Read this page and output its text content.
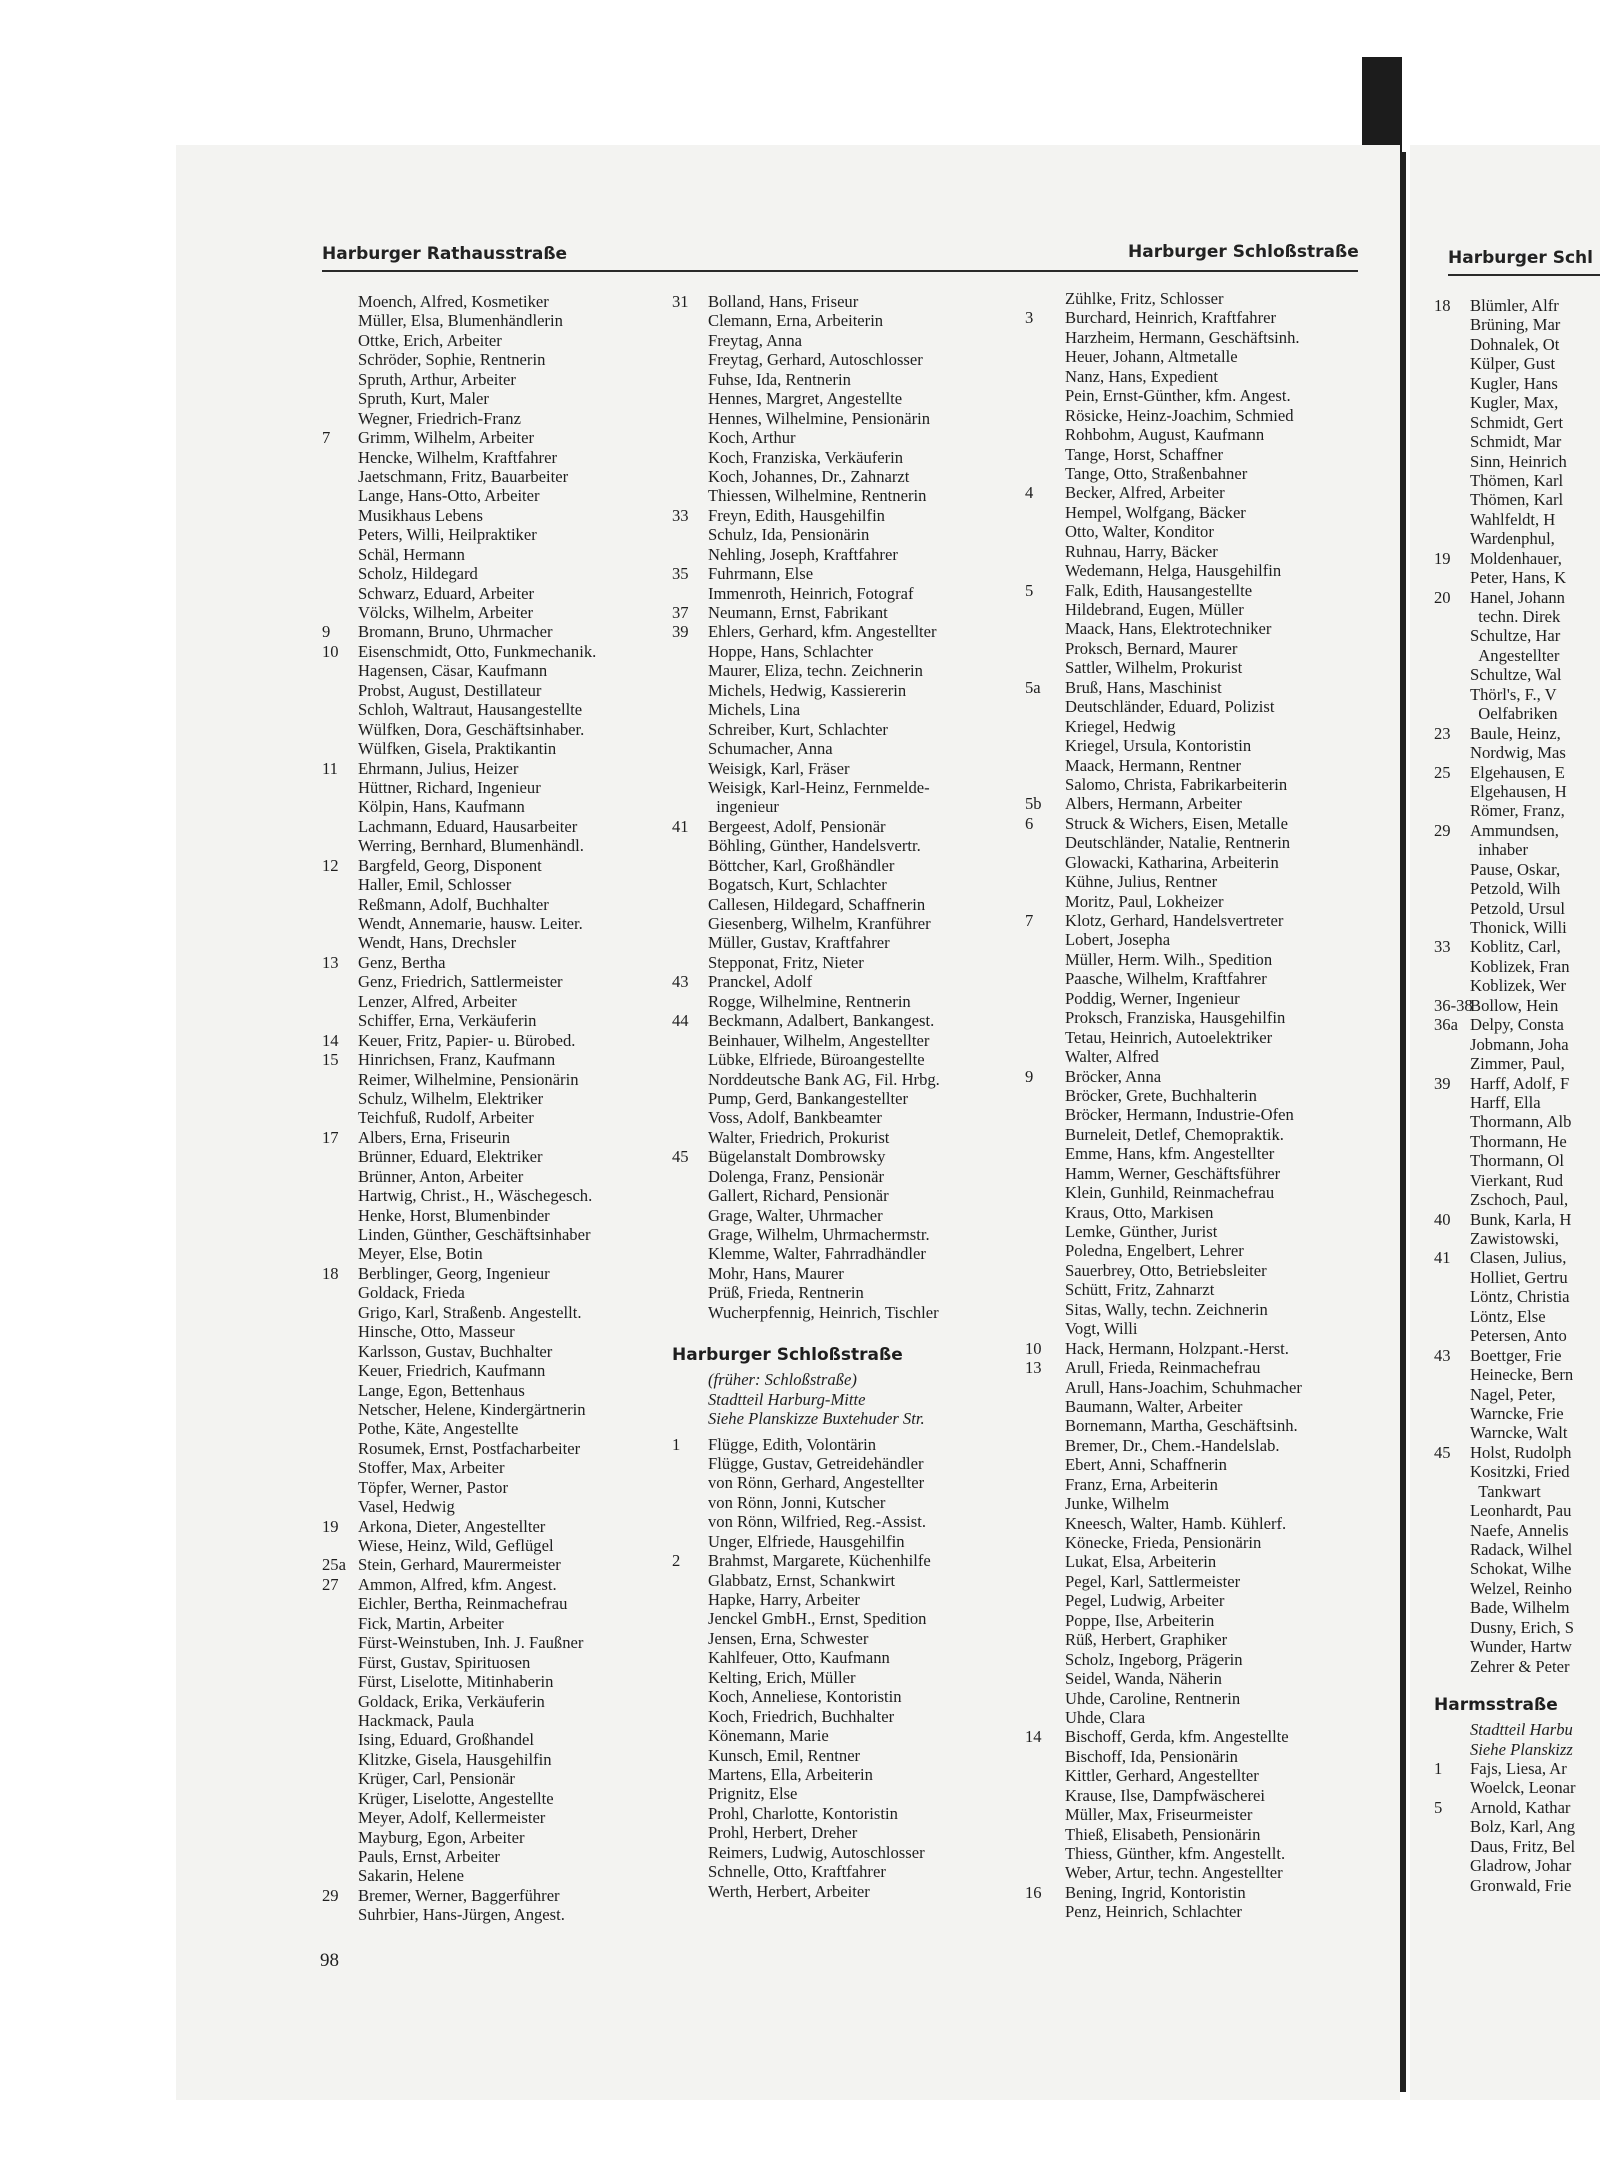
Harburger Rathausstraße	Harburger Schloßstraße	Harburger Schl
Moench, Alfred, Kosmetiker
Müller, Elsa, Blumenhändlerin
Ottke, Erich, Arbeiter
Schröder, Sophie, Rentnerin
Spruth, Arthur, Arbeiter
Spruth, Kurt, Maler
Wegner, Friedrich-Franz
7 Grimm, Wilhelm, Arbeiter
Hencke, Wilhelm, Kraftfahrer
Jaetschmann, Fritz, Bauarbeiter
Lange, Hans-Otto, Arbeiter
Musikhaus Lebens
Peters, Willi, Heilpraktiker
Schäl, Hermann
Scholz, Hildegard
Schwarz, Eduard, Arbeiter
Völcks, Wilhelm, Arbeiter
9 Bromann, Bruno, Uhrmacher
10 Eisenschmidt, Otto, Funkmechanik.
Hagensen, Cäsar, Kaufmann
Probst, August, Destillateur
Schloh, Waltraut, Hausangestellte
Wülfken, Dora, Geschäftsinhaber.
Wülfken, Gisela, Praktikantin
11 Ehrmann, Julius, Heizer
Hüttner, Richard, Ingenieur
Kölpin, Hans, Kaufmann
Lachmann, Eduard, Hausarbeiter
Werring, Bernhard, Blumenhändl.
12 Bargfeld, Georg, Disponent
Haller, Emil, Schlosser
Reßmann, Adolf, Buchhalter
Wendt, Annemarie, hausw. Leiter.
Wendt, Hans, Drechsler
13 Genz, Bertha
Genz, Friedrich, Sattlermeister
Lenzer, Alfred, Arbeiter
Schiffer, Erna, Verkäuferin
14 Keuer, Fritz, Papier- u. Bürobed.
15 Hinrichsen, Franz, Kaufmann
Reimer, Wilhelmine, Pensionärin
Schulz, Wilhelm, Elektriker
Teichfuß, Rudolf, Arbeiter
17 Albers, Erna, Friseurin
Brünner, Eduard, Elektriker
Brünner, Anton, Arbeiter
Hartwig, Christ., H., Wäschegesch.
Henke, Horst, Blumenbinder
Linden, Günther, Geschäftsinhaber
Meyer, Else, Botin
18 Berblinger, Georg, Ingenieur
Goldack, Frieda
Grigo, Karl, Straßenb. Angestellt.
Hinsche, Otto, Masseur
Karlsson, Gustav, Buchhalter
Keuer, Friedrich, Kaufmann
Lange, Egon, Bettenhaus
Netscher, Helene, Kindergärtnerin
Pothe, Käte, Angestellte
Rosumek, Ernst, Postfacharbeiter
Stoffer, Max, Arbeiter
Töpfer, Werner, Pastor
Vasel, Hedwig
19 Arkona, Dieter, Angestellter
Wiese, Heinz, Wild, Geflügel
25a Stein, Gerhard, Maurermeister
27 Ammon, Alfred, kfm. Angest.
Eichler, Bertha, Reinmachefrau
Fick, Martin, Arbeiter
Fürst-Weinstuben, Inh. J. Faußner
Fürst, Gustav, Spirituosen
Fürst, Liselotte, Mitinhaberin
Goldack, Erika, Verkäuferin
Hackmack, Paula
Ising, Eduard, Großhandel
Klitzke, Gisela, Hausgehilfin
Krüger, Carl, Pensionär
Krüger, Liselotte, Angestellte
Meyer, Adolf, Kellermeister
Mayburg, Egon, Arbeiter
Pauls, Ernst, Arbeiter
Sakarin, Helene
29 Bremer, Werner, Baggerführer
Suhrbier, Hans-Jürgen, Angest.
31 Bolland, Hans, Friseur
Clemann, Erna, Arbeiterin
Freytag, Anna
Freytag, Gerhard, Autoschlosser
Fuhse, Ida, Rentnerin
Hennes, Margret, Angestellte
Hennes, Wilhelmine, Pensionärin
Koch, Arthur
Koch, Franziska, Verkäuferin
Koch, Johannes, Dr., Zahnarzt
Thiessen, Wilhelmine, Rentnerin
33 Freyn, Edith, Hausgehilfin
Schulz, Ida, Pensionärin
Nehling, Joseph, Kraftfahrer
35 Fuhrmann, Else
Immenroth, Heinrich, Fotograf
37 Neumann, Ernst, Fabrikant
39 Ehlers, Gerhard, kfm. Angestellter
Hoppe, Hans, Schlachter
Maurer, Eliza, techn. Zeichnerin
Michels, Hedwig, Kassiererin
Michels, Lina
Schreiber, Kurt, Schlachter
Schumacher, Anna
Weisigk, Karl, Fräser
Weisigk, Karl-Heinz, Fernmelde-
ingenieur
41 Bergeest, Adolf, Pensionär
Böhling, Günther, Handelsvertr.
Böttcher, Karl, Großhändler
Bogatsch, Kurt, Schlachter
Callesen, Hildegard, Schaffnerin
Giesenberg, Wilhelm, Kranführer
Müller, Gustav, Kraftfahrer
Stepponat, Fritz, Nieter
43 Pranckel, Adolf
Rogge, Wilhelmine, Rentnerin
44 Beckmann, Adalbert, Bankangest.
Beinhauer, Wilhelm, Angestellter
Lübke, Elfriede, Büroangestellte
Norddeutsche Bank AG, Fil. Hrbg.
Pump, Gerd, Bankangestellter
Voss, Adolf, Bankbeamter
Walter, Friedrich, Prokurist
45 Bügelanstalt Dombrowsky
Dolenga, Franz, Pensionär
Gallert, Richard, Pensionär
Grage, Walter, Uhrmacher
Grage, Wilhelm, Uhrmachermstr.
Klemme, Walter, Fahrradhändler
Mohr, Hans, Maurer
Prüß, Frieda, Rentnerin
Wucherpfennig, Heinrich, Tischler
Harburger Schloßstraße
(früher: Schloßstraße)
Stadtteil Harburg-Mitte
Siehe Planskizze Buxtehuder Str.
1 Flügge, Edith, Volontärin
Flügge, Gustav, Getreidehändler
von Rönn, Gerhard, Angestellter
von Rönn, Jonni, Kutscher
von Rönn, Wilfried, Reg.-Assist.
Unger, Elfriede, Hausgehilfin
2 Brahmst, Margarete, Küchenhilfe
Glabbatz, Ernst, Schankwirt
Hapke, Harry, Arbeiter
Jenckel GmbH., Ernst, Spedition
Jensen, Erna, Schwester
Kahlfeuer, Otto, Kaufmann
Kelting, Erich, Müller
Koch, Anneliese, Kontoristin
Koch, Friedrich, Buchhalter
Könemann, Marie
Kunsch, Emil, Rentner
Martens, Ella, Arbeiterin
Prignitz, Else
Prohl, Charlotte, Kontoristin
Prohl, Herbert, Dreher
Reimers, Ludwig, Autoschlosser
Schnelle, Otto, Kraftfahrer
Werth, Herbert, Arbeiter
Zühlke, Fritz, Schlosser
3 Burchard, Heinrich, Kraftfahrer
Harzheim, Hermann, Geschäftsinh.
Heuer, Johann, Altmetalle
Nanz, Hans, Expedient
Pein, Ernst-Günther, kfm. Angest.
Rösicke, Heinz-Joachim, Schmied
Rohbohm, August, Kaufmann
Tange, Horst, Schaffner
Tange, Otto, Straßenbahner
4 Becker, Alfred, Arbeiter
Hempel, Wolfgang, Bäcker
Otto, Walter, Konditor
Ruhnau, Harry, Bäcker
Wedemann, Helga, Hausgehilfin
5 Falk, Edith, Hausangestellte
Hildebrand, Eugen, Müller
Maack, Hans, Elektrotechniker
Proksch, Bernard, Maurer
Sattler, Wilhelm, Prokurist
5a Bruß, Hans, Maschinist
Deutschländer, Eduard, Polizist
Kriegel, Hedwig
Kriegel, Ursula, Kontoristin
Maack, Hermann, Rentner
Salomo, Christa, Fabrikarbeiterin
5b Albers, Hermann, Arbeiter
6 Struck & Wichers, Eisen, Metalle
Deutschländer, Natalie, Rentnerin
Glowacki, Katharina, Arbeiterin
Kühne, Julius, Rentner
Moritz, Paul, Lokheizer
7 Klotz, Gerhard, Handelsvertreter
Lobert, Josepha
Müller, Herm. Wilh., Spedition
Paasche, Wilhelm, Kraftfahrer
Poddig, Werner, Ingenieur
Proksch, Franziska, Hausgehilfin
Tetau, Heinrich, Autoelektriker
Walter, Alfred
9 Bröcker, Anna
Bröcker, Grete, Buchhalterin
Bröcker, Hermann, Industrie-Ofen
Burneleit, Detlef, Chemopraktik.
Emme, Hans, kfm. Angestellter
Hamm, Werner, Geschäftsführer
Klein, Gunhild, Reinmachefrau
Kraus, Otto, Markisen
Lemke, Günther, Jurist
Poledna, Engelbert, Lehrer
Sauerbrey, Otto, Betriebsleiter
Schütt, Fritz, Zahnarzt
Sitas, Wally, techn. Zeichnerin
Vogt, Willi
10 Hack, Hermann, Holzpant.-Herst.
13 Arull, Frieda, Reinmachefrau
Arull, Hans-Joachim, Schuhmacher
Baumann, Walter, Arbeiter
Bornemann, Martha, Geschäftsinh.
Bremer, Dr., Chem.-Handelslab.
Ebert, Anni, Schaffnerin
Franz, Erna, Arbeiterin
Junke, Wilhelm
Kneesch, Walter, Hamb. Kühlerf.
Könecke, Frieda, Pensionärin
Lukat, Elsa, Arbeiterin
Pegel, Karl, Sattlermeister
Pegel, Ludwig, Arbeiter
Poppe, Ilse, Arbeiterin
Rüß, Herbert, Graphiker
Scholz, Ingeborg, Prägerin
Seidel, Wanda, Näherin
Uhde, Caroline, Rentnerin
Uhde, Clara
14 Bischoff, Gerda, kfm. Angestellte
Bischoff, Ida, Pensionärin
Kittler, Gerhard, Angestellter
Krause, Ilse, Dampfwäscherei
Müller, Max, Friseurmeister
Thieß, Elisabeth, Pensionärin
Thiess, Günther, kfm. Angestellt.
Weber, Artur, techn. Angestellter
16 Bening, Ingrid, Kontoristin
Penz, Heinrich, Schlachter
18 Blümler, Alfr
Brüning, Mar
Dohnalek, Ot
Külper, Gust
Kugler, Hans
Kugler, Max,
Schmidt, Gert
Schmidt, Mar
Sinn, Heinrich
Thömen, Karl
Thömen, Karl
Wahlfeldt, H
Wardenphul,
19 Moldenhauer,
Peter, Hans, K
20 Hanel, Johann
techn. Direk
Schultze, Har
Angestellter
Schultze, Wal
Thörl's, F., V
Oelfabriken
23 Baule, Heinz,
Nordwig, Mas
25 Elgehausen, E
Elgehausen, H
Römer, Franz,
29 Ammundsen,
inhaber
Pause, Oskar,
Petzold, Wilh
Petzold, Ursul
Thonick, Willi
33 Koblitz, Carl,
Koblizek, Fran
Koblizek, Wer
36-38
Bollow, Hein
36a Delpy, Consta
Jobmann, Joha
Zimmer, Paul,
39 Harff, Adolf, F
Harff, Ella
Thormann, Alb
Thormann, He
Thormann, Ol
Vierkant, Rud
Zschoch, Paul,
40 Bunk, Karla, H
Zawistowski,
41 Clasen, Julius,
Holliet, Gertru
Löntz, Christia
Löntz, Else
Petersen, Anto
43 Boettger, Frie
Heinecke, Bern
Nagel, Peter,
Warncke, Frie
Warncke, Walt
45 Holst, Rudolph
Kositzki, Fried
Tankwart
Leonhardt, Pau
Naefe, Annelis
Radack, Wilhel
Schokat, Wilhe
Welzel, Reinho
Bade, Wilhelm
Dusny, Erich, S
Wunder, Hartw
Zehrer & Peter
Harmsstraße
Stadtteil Harbu
Siehe Planskizz
1 Fajs, Liesa, Ar
Woelck, Leonar
5 Arnold, Kathar
Bolz, Karl, Ang
Daus, Fritz, Bel
Gladrow, Johar
Gronwald, Frie
98
